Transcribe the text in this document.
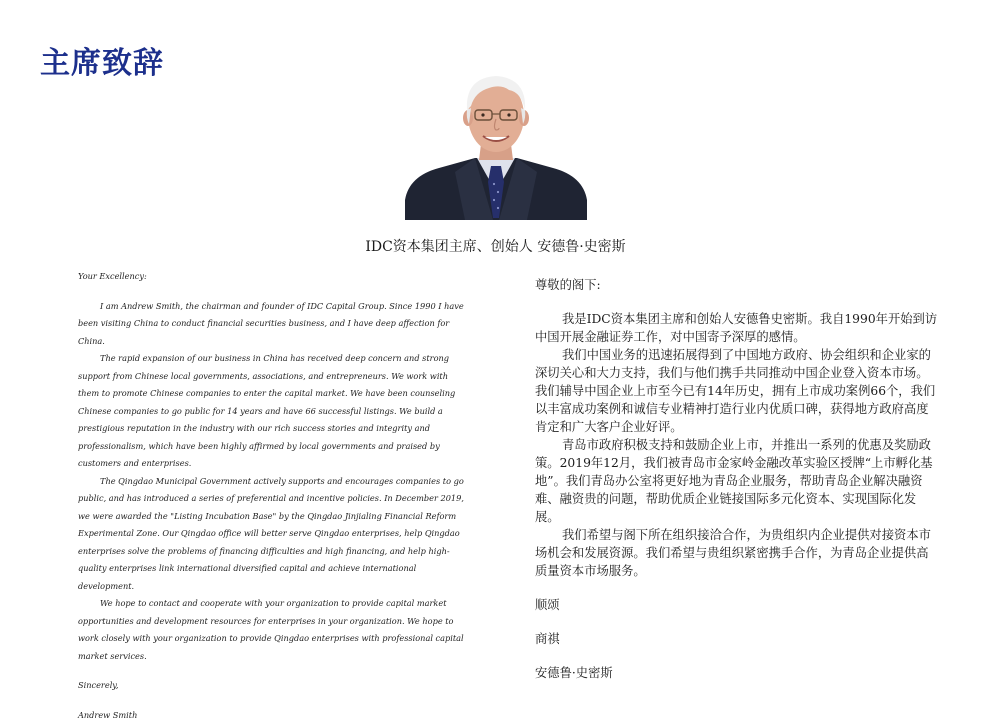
主席致辞

IDC资本集团主席、创始人 安德鲁·史密斯

Your Excellency:

I am Andrew Smith, the chairman and founder of IDC Capital Group. Since 1990 I have been visiting China to conduct financial securities business, and I have deep affection for China.

The rapid expansion of our business in China has received deep concern and strong support from Chinese local governments, associations, and entrepreneurs. We work with them to promote Chinese companies to enter the capital market. We have been counseling Chinese companies to go public for 14 years and have 66 successful listings. We build a prestigious reputation in the industry with our rich success stories and integrity and professionalism, which have been highly affirmed by local governments and praised by customers and enterprises.

The Qingdao Municipal Government actively supports and encourages companies to go public, and has introduced a series of preferential and incentive policies. In December 2019, we were awarded the "Listing Incubation Base" by the Qingdao Jinjialing Financial Reform Experimental Zone. Our Qingdao office will better serve Qingdao enterprises, help Qingdao enterprises solve the problems of financing difficulties and high financing, and help high-quality enterprises link international diversified capital and achieve international development.

We hope to contact and cooperate with your organization to provide capital market opportunities and development resources for enterprises in your organization. We hope to work closely with your organization to provide Qingdao enterprises with professional capital market services.

Sincerely,

Andrew Smith

尊敬的阁下:

我是IDC资本集团主席和创始人安德鲁史密斯。我自1990年开始到访中国开展金融证券工作，对中国寄予深厚的感情。

我们中国业务的迅速拓展得到了中国地方政府、协会组织和企业家的深切关心和大力支持，我们与他们携手共同推动中国企业登入资本市场。我们辅导中国企业上市至今已有14年历史，拥有上市成功案例66个，我们以丰富成功案例和诚信专业精神打造行业内优质口碑，获得地方政府高度肯定和广大客户企业好评。

青岛市政府积极支持和鼓励企业上市，并推出一系列的优惠及奖励政策。2019年12月，我们被青岛市金家岭金融改革实验区授牌“上市孵化基地”。我们青岛办公室将更好地为青岛企业服务，帮助青岛企业解决融资难、融资贵的问题，帮助优质企业链接国际多元化资本、实现国际化发展。

我们希望与阁下所在组织接洽合作，为贵组织内企业提供对接资本市场机会和发展资源。我们希望与贵组织紧密携手合作，为青岛企业提供高质量资本市场服务。

顺颂

商祺

安德鲁·史密斯
